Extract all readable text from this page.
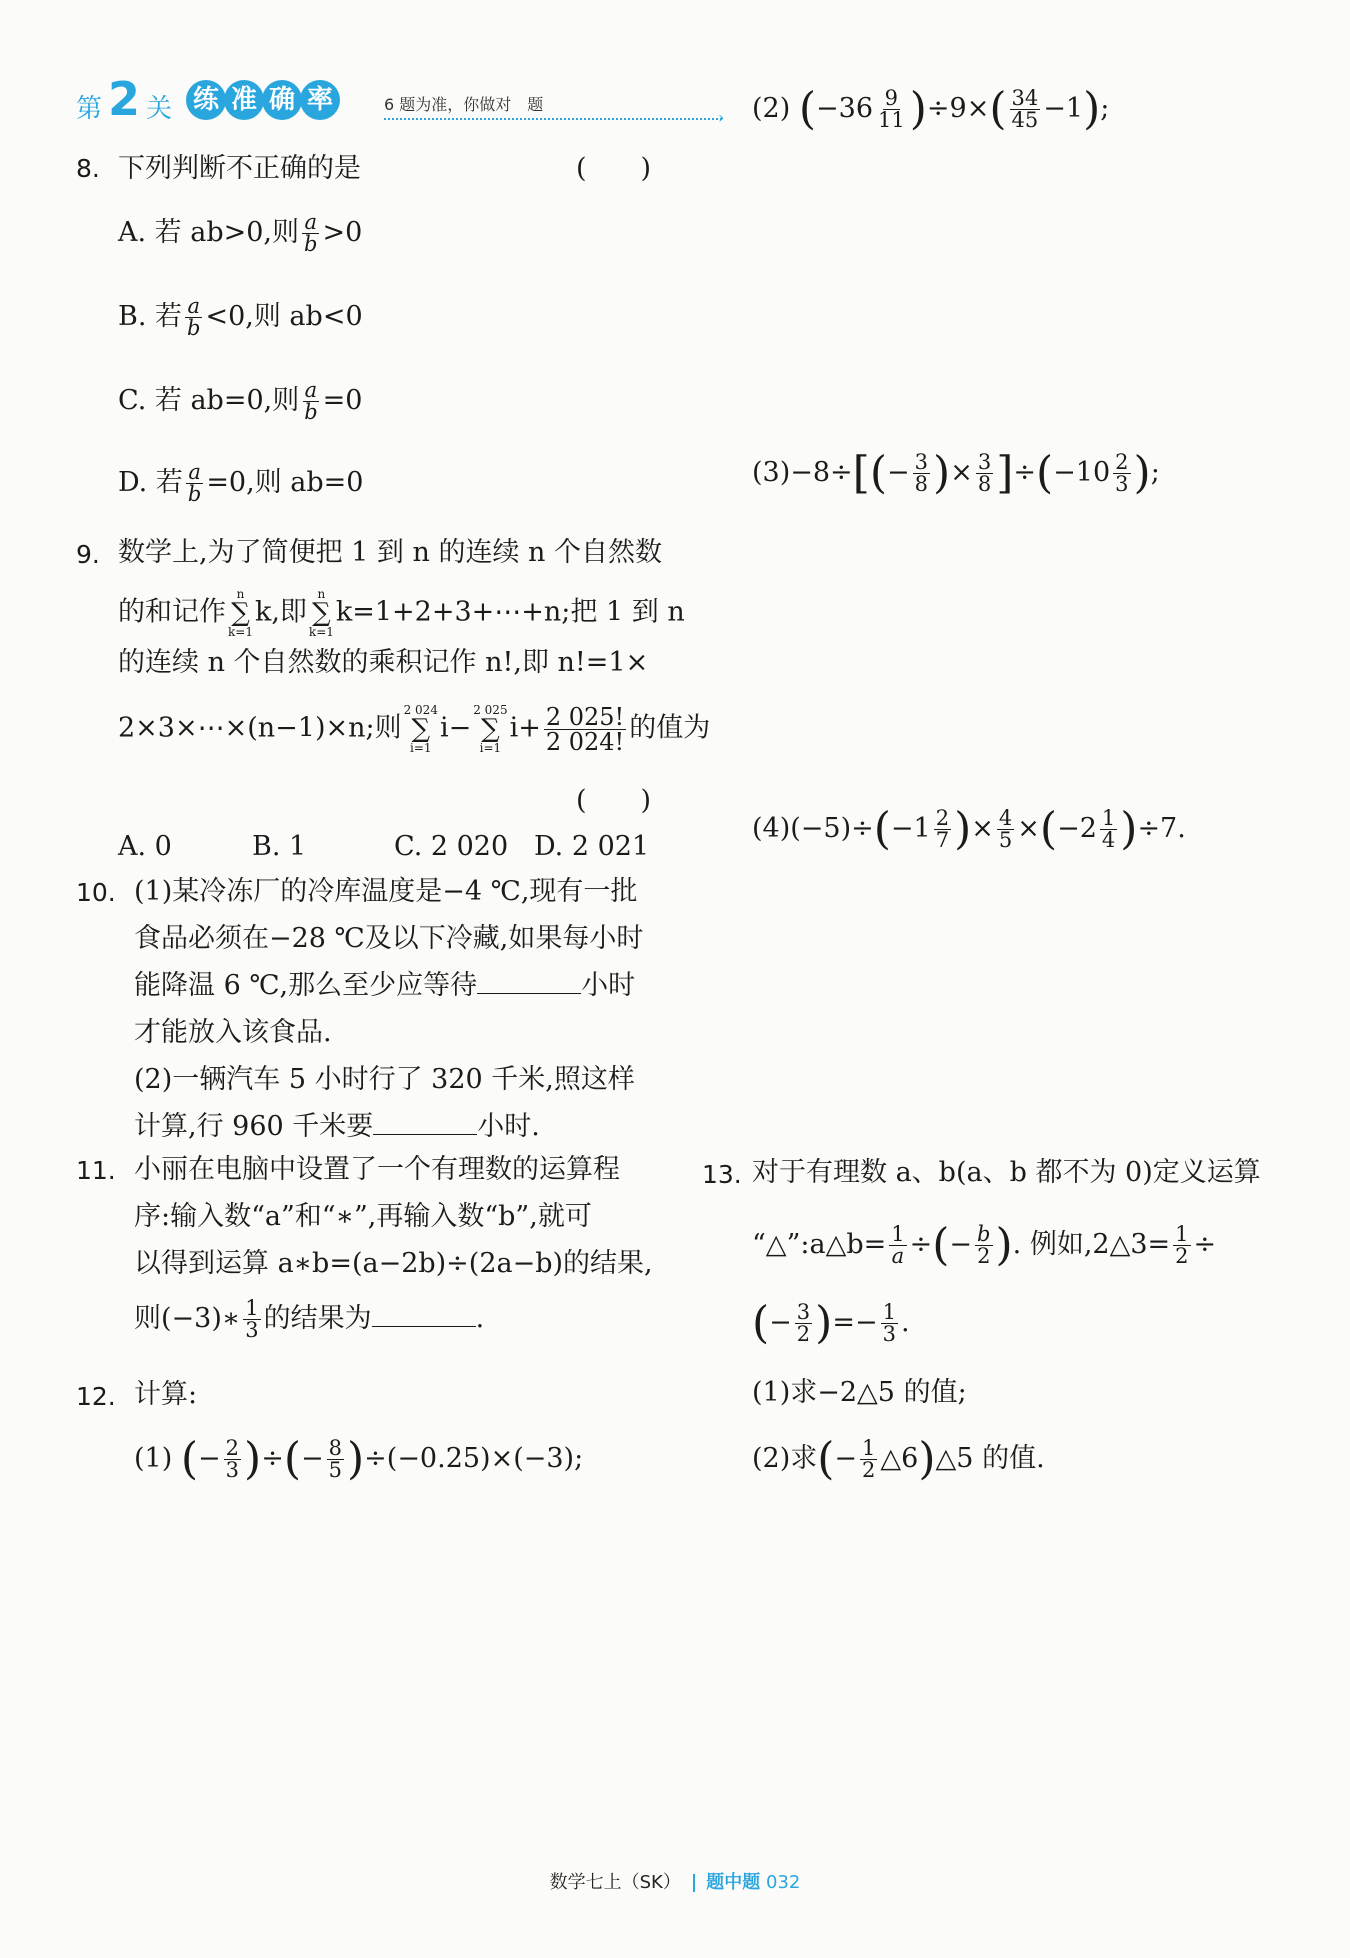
第 2 关 练 准 确 率	6 题为准，你做对　题
›
8. 下列判断不正确的是	(　　)
A. 若 ab>0,则 $\frac{a}{b} >0$
B. 若 $\frac{a}{b} <0$,则 ab<0
C. 若 ab=0,则 $\frac{a}{b} =0$
D. 若 $\frac{a}{b} =0$,则 ab=0
9. 数学上,为了简便把 1 到 n 的连续 n 个自然数
的和记作
n
∑
k=1
k,即
n
∑
k=1
k=1+2+3+⋯+n;把 1 到 n
的连续 n 个自然数的乘积记作 n!,即 n!=1×
2×3×⋯×(n−1)×n;则
2 024
∑
i=1
i−
2 025
∑
i=1
$i+ \frac{2 025!}{2 024!}$ 的值为
(　　)
A. 0	B. 1	C. 2 020 D. 2 021
10. (1)某冷冻厂的冷库温度是−4 ℃,现有一批
食品必须在−28 ℃及以下冷藏,如果每小时
能降温 6 ℃,那么至少应等待	小时
才能放入该食品.
(2)一辆汽车 5 小时行了 320 千米,照这样
计算,行 960 千米要	小时.
11. 小丽在电脑中设置了一个有理数的运算程
序:输入数“a”和“∗”,再输入数“b”,就可
以得到运算 a∗b=(a−2b)÷(2a−b)的结果,
则(−3)∗ $\frac{1}{3}$ 的结果为	.
12. 计算:
(1) (− $\frac{2}{3}$ )÷(− $\frac{8}{5} )\div(-0.25)\times(-3)$;
(2) $(-36 \frac{9}{11} )\div 9\times( \frac{34}{45} -1)$;
$(3)-8\div[(- \frac{3}{8}$ )× $\frac{3}{8} ]\div(-10 \frac{2}{3}$ );
$(4)(-5)\div(-1 \frac{2}{7}$ )× $\frac{4}{5} \times(-2 \frac{1}{4} )\div 7$.
13. 对于有理数 a、b(a、b 都不为 0)定义运算
“△”:a△b= $\frac{1}{a}$ ÷(− $\frac{b}{2}$ ). 例如,2△3= $\frac{1}{2}$ ÷
(− $\frac{3}{2}$ )=− $\frac{1}{3}$ .
(1)求−2△5 的值;
(2)求(− $\frac{1}{2}$ △6)△5 的值.
数学七上（SK） 题中题 032
